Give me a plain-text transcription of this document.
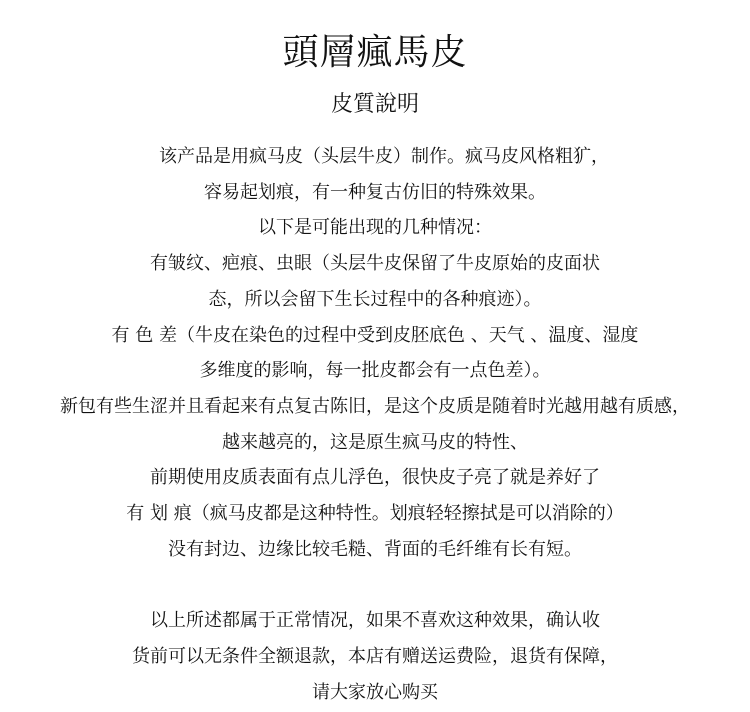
頭層瘋馬皮
皮質說明
　该产品是用疯马皮（头层牛皮）制作。疯马皮风格粗犷，
容易起划痕，有一种复古仿旧的特殊效果。
以下是可能出现的几种情况：
有皱纹、疤痕、虫眼（头层牛皮保留了牛皮原始的皮面状
态，所以会留下生长过程中的各种痕迹）。
有 色 差（牛皮在染色的过程中受到皮胚底色 、天气 、温度、湿度
多维度的影响，每一批皮都会有一点色差）。
新包有些生涩并且看起来有点复古陈旧，是这个皮质是随着时光越用越有质感，
越来越亮的，这是原生疯马皮的特性、
前期使用皮质表面有点儿浮色，很快皮子亮了就是养好了
有 划 痕（疯马皮都是这种特性。划痕轻轻擦拭是可以消除的）
没有封边、边缘比较毛糙、背面的毛纤维有长有短。
以上所述都属于正常情况，如果不喜欢这种效果，确认收
货前可以无条件全额退款，本店有赠送运费险，退货有保障，
请大家放心购买
